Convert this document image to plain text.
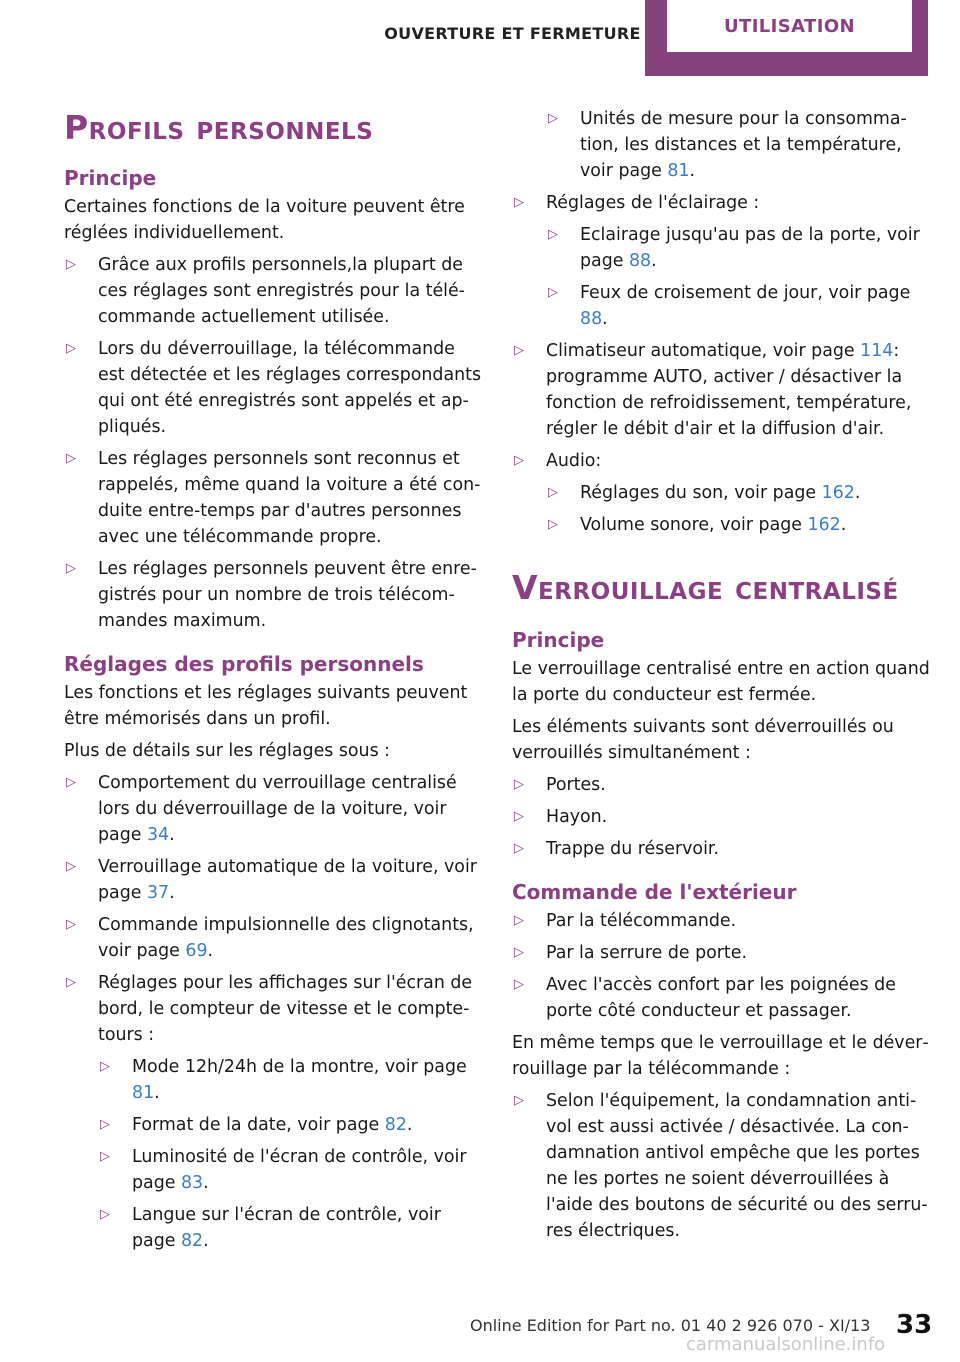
OUVERTURE ET FERMETURE	UTILISATION
Profils personnels
Principe

Certaines fonctions de la voiture peuvent être réglées individuellement.

▷ Grâce aux profils personnels,la plupart de ces réglages sont enregistrés pour la télé‐commande actuellement utilisée.
▷ Lors du déverrouillage, la télécommande est détectée et les réglages correspondants qui ont été enregistrés sont appelés et ap‐pliqués.
▷ Les réglages personnels sont reconnus et rappelés, même quand la voiture a été con‐duite entre-temps par d'autres personnes avec une télécommande propre.
▷ Les réglages personnels peuvent être enre‐gistrés pour un nombre de trois télécom‐mandes maximum.
Réglages des profils personnels

Les fonctions et les réglages suivants peuvent être mémorisés dans un profil.

Plus de détails sur les réglages sous :

▷ Comportement du verrouillage centralisé lors du déverrouillage de la voiture, voir page 34.
▷ Verrouillage automatique de la voiture, voir page 37.
▷ Commande impulsionnelle des clignotants, voir page 69.
▷ Réglages pour les affichages sur l'écran de bord, le compteur de vitesse et le compte-tours :
▷ Mode 12h/24h de la montre, voir page 81.
▷ Format de la date, voir page 82.
▷ Luminosité de l'écran de contrôle, voir page 83.
▷ Langue sur l'écran de contrôle, voir page 82.
▷ Unités de mesure pour la consomma‐tion, les distances et la température, voir page 81.
▷ Réglages de l'éclairage :
▷ Eclairage jusqu'au pas de la porte, voir page 88.
▷ Feux de croisement de jour, voir page 88.
▷ Climatiseur automatique, voir page 114: programme AUTO, activer / désactiver la fonction de refroidissement, température, régler le débit d'air et la diffusion d'air.
▷ Audio:
▷ Réglages du son, voir page 162.
▷ Volume sonore, voir page 162.
Verrouillage centralisé
Principe

Le verrouillage centralisé entre en action quand la porte du conducteur est fermée.

Les éléments suivants sont déverrouillés ou verrouillés simultanément :

▷ Portes.
▷ Hayon.
▷ Trappe du réservoir.
Commande de l'extérieur
▷ Par la télécommande.
▷ Par la serrure de porte.
▷ Avec l'accès confort par les poignées de porte côté conducteur et passager.

En même temps que le verrouillage et le déver‐rouillage par la télécommande :

▷ Selon l'équipement, la condamnation anti‐vol est aussi activée / désactivée. La con‐damnation antivol empêche que les portes ne les portes ne soient déverrouillées à l'aide des boutons de sécurité ou des serru‐res électriques.
Online Edition for Part no. 01 40 2 926 070 - XI/13 33
carmanualsonline.info
